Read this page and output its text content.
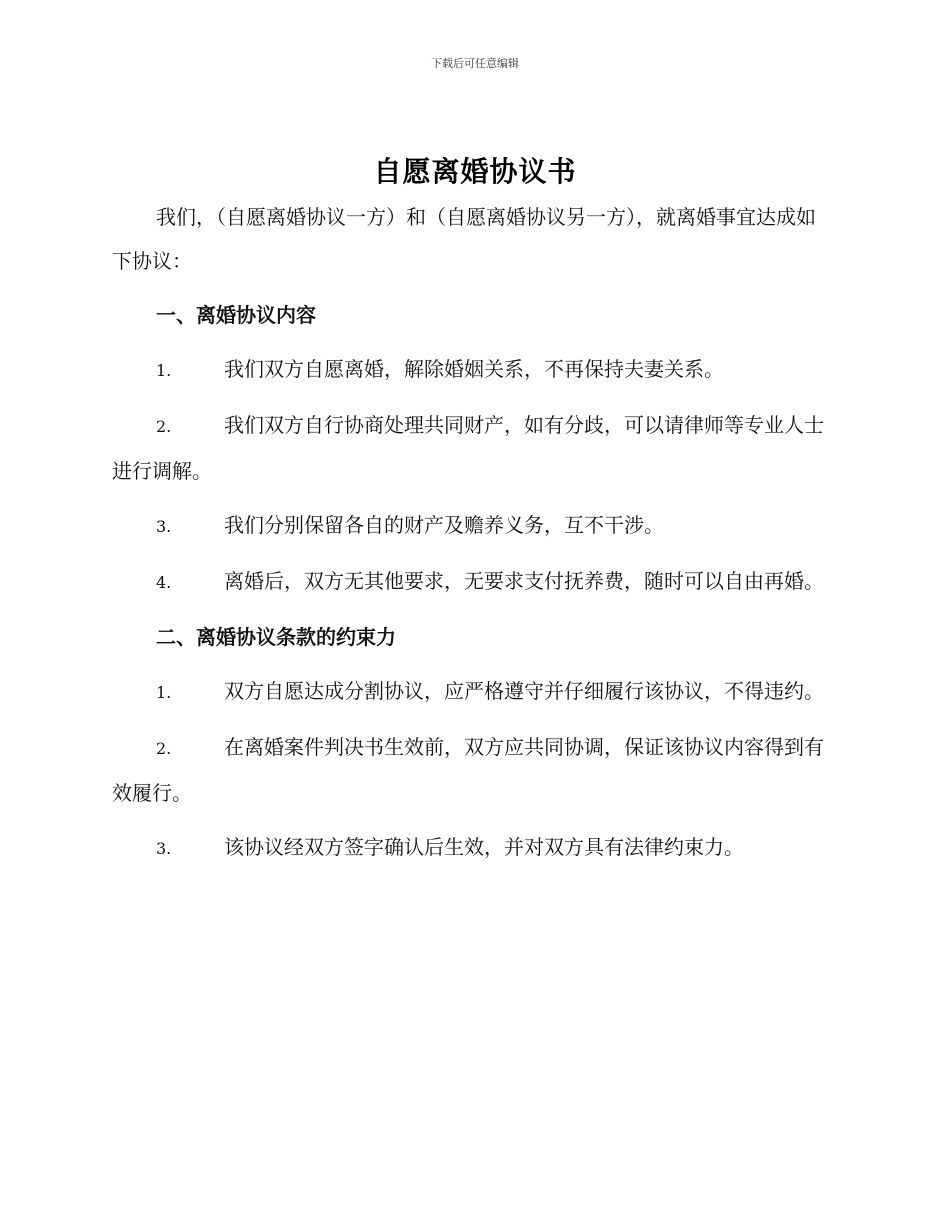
下载后可任意编辑
自愿离婚协议书

我们，（自愿离婚协议一方）和（自愿离婚协议另一方），就离婚事宜达成如下协议：

一、离婚协议内容

1.	我们双方自愿离婚，解除婚姻关系，不再保持夫妻关系。

2.	我们双方自行协商处理共同财产，如有分歧，可以请律师等专业人士进行调解。

3.	我们分别保留各自的财产及赡养义务，互不干涉。

4.	离婚后，双方无其他要求，无要求支付抚养费，随时可以自由再婚。

二、离婚协议条款的约束力

1.	双方自愿达成分割协议，应严格遵守并仔细履行该协议，不得违约。

2.	在离婚案件判决书生效前，双方应共同协调，保证该协议内容得到有效履行。

3.	该协议经双方签字确认后生效，并对双方具有法律约束力。
